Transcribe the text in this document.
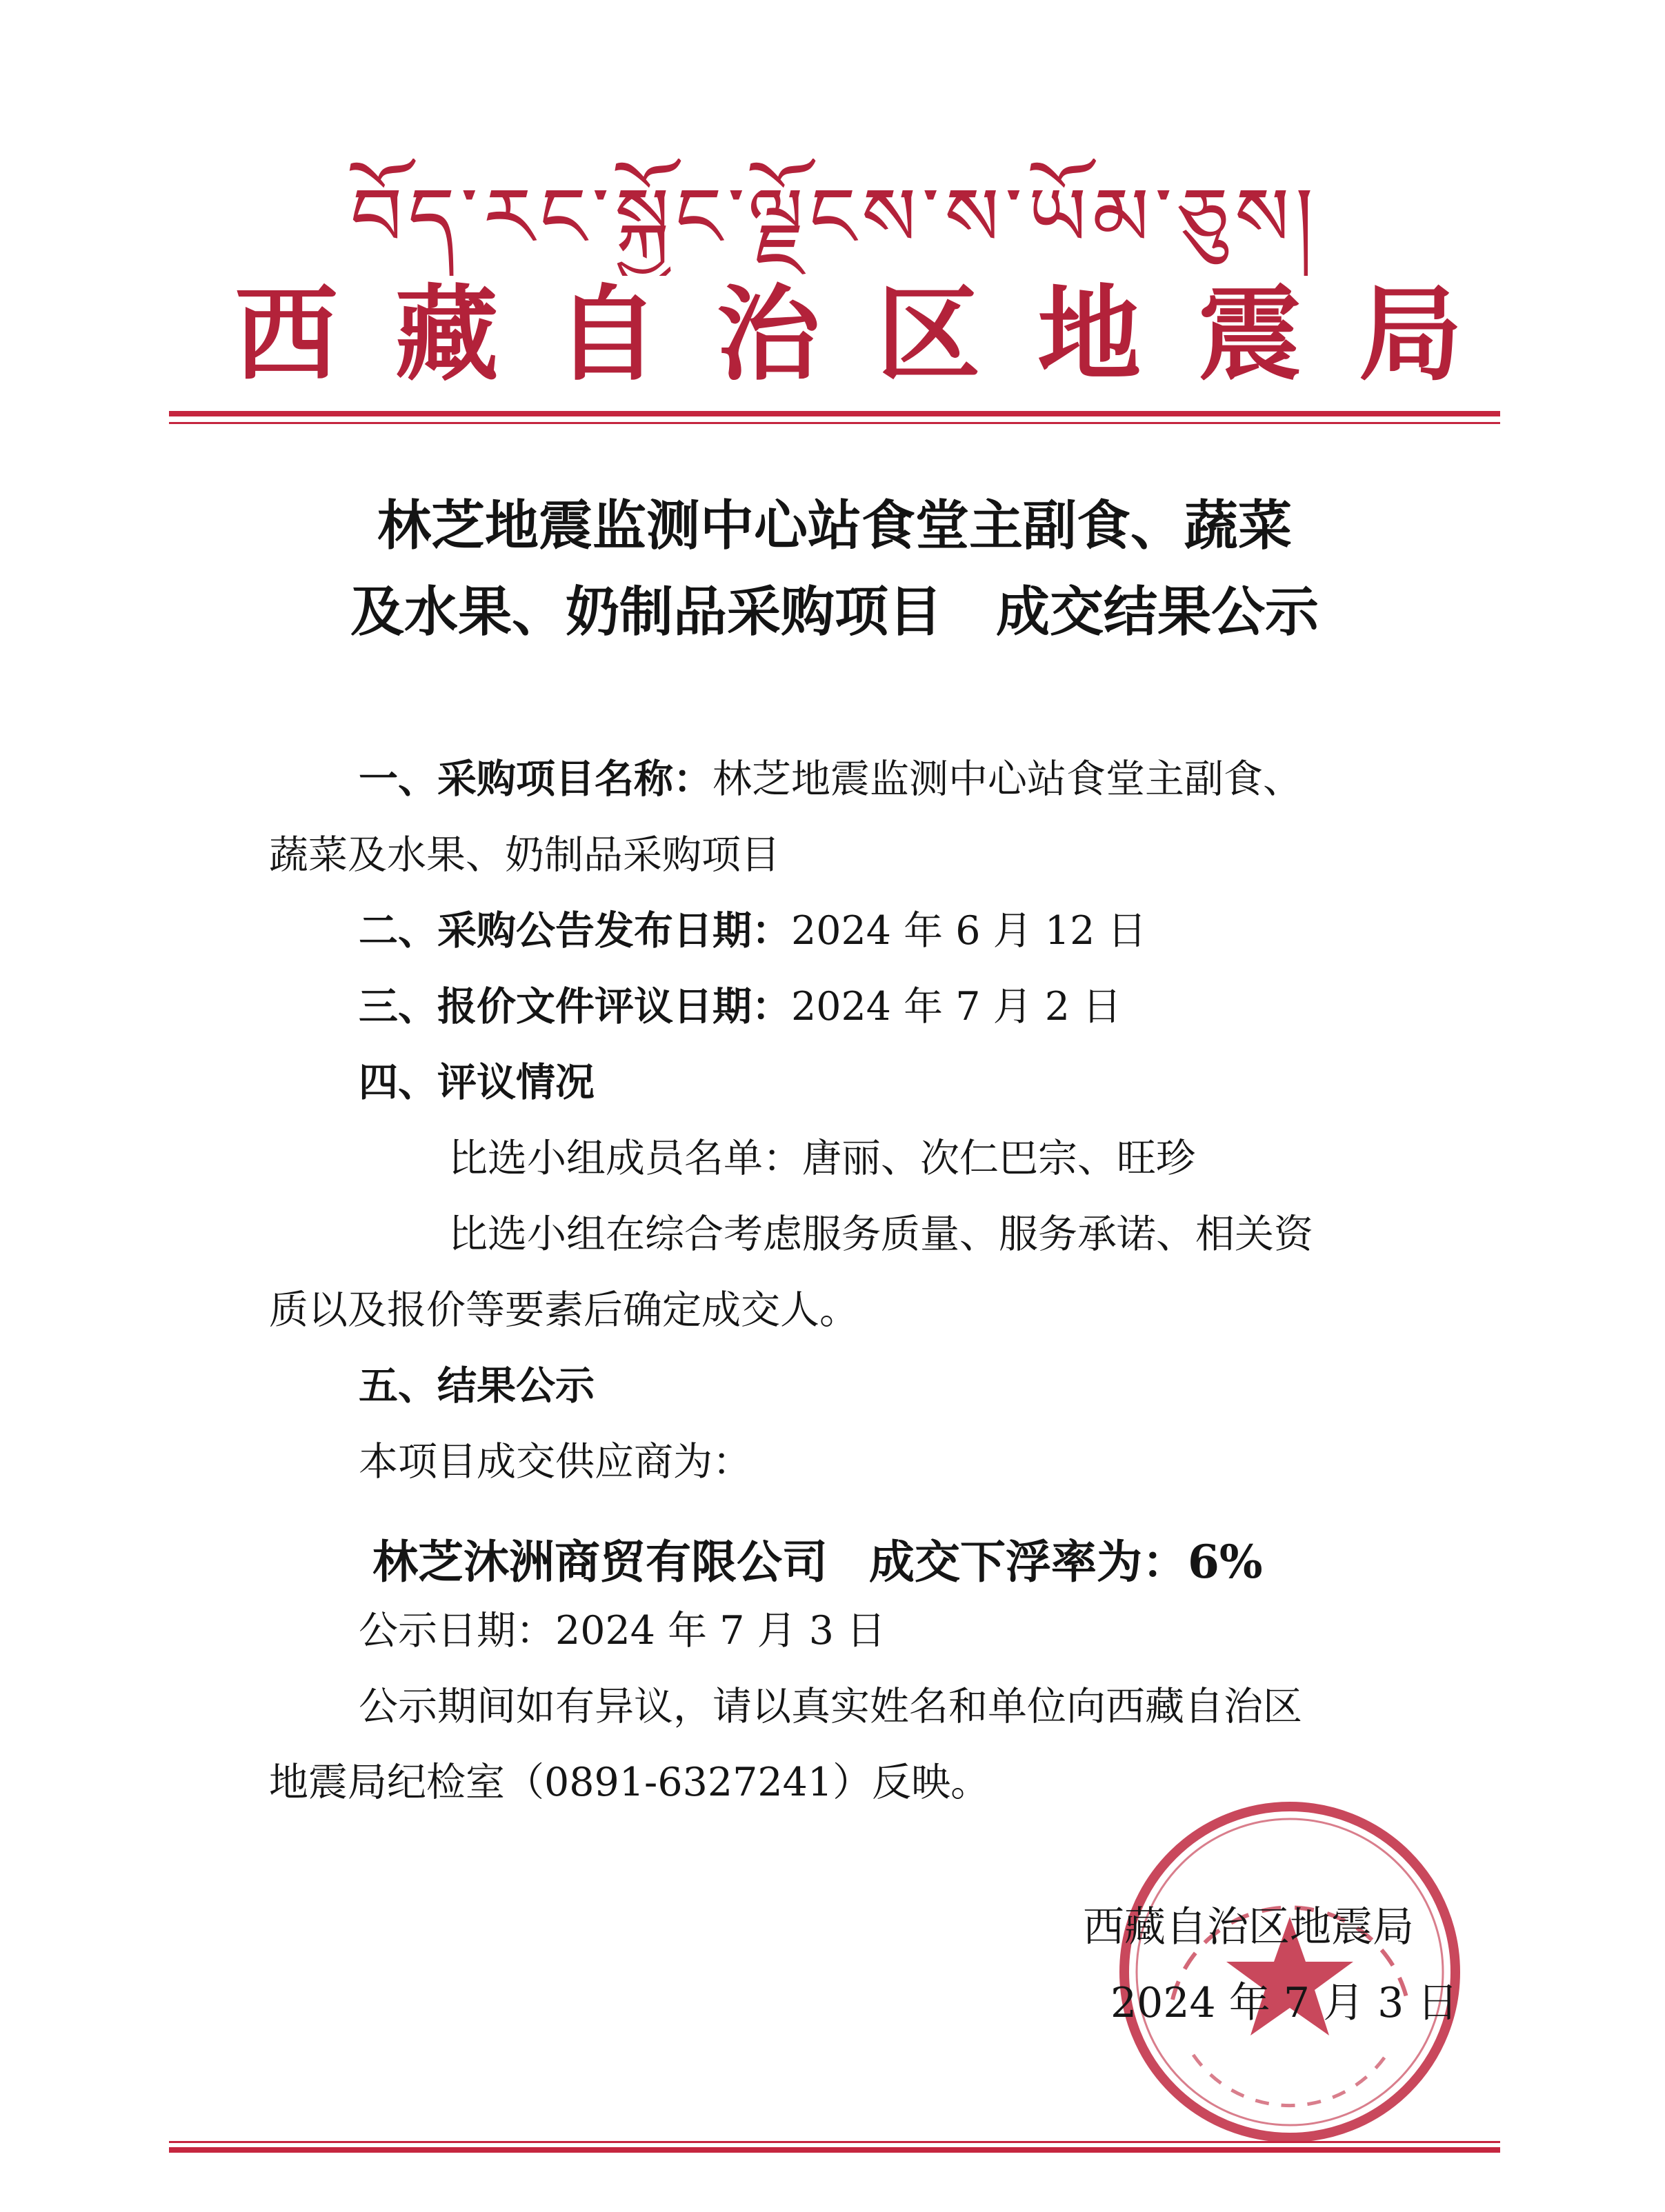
བོད་རང་སྐྱོང་ལྗོངས་ས་ཡོམ་ཅུས།
西 藏 自 治 区 地 震 局
林芝地震监测中心站食堂主副食、蔬菜
及水果、奶制品采购项目　成交结果公示
一、采购项目名称：林芝地震监测中心站食堂主副食、
蔬菜及水果、奶制品采购项目
二、采购公告发布日期：2024 年 6 月 12 日
三、报价文件评议日期：2024 年 7 月 2 日
四、评议情况
比选小组成员名单：唐丽、次仁巴宗、旺珍
比选小组在综合考虑服务质量、服务承诺、相关资
质以及报价等要素后确定成交人。
五、结果公示
本项目成交供应商为：
林芝沐洲商贸有限公司 成交下浮率为：6%
公示日期：2024 年 7 月 3 日
公示期间如有异议，请以真实姓名和单位向西藏自治区
地震局纪检室（0891-6327241）反映。
西藏自治区地震局
2024 年 7 月 3 日
